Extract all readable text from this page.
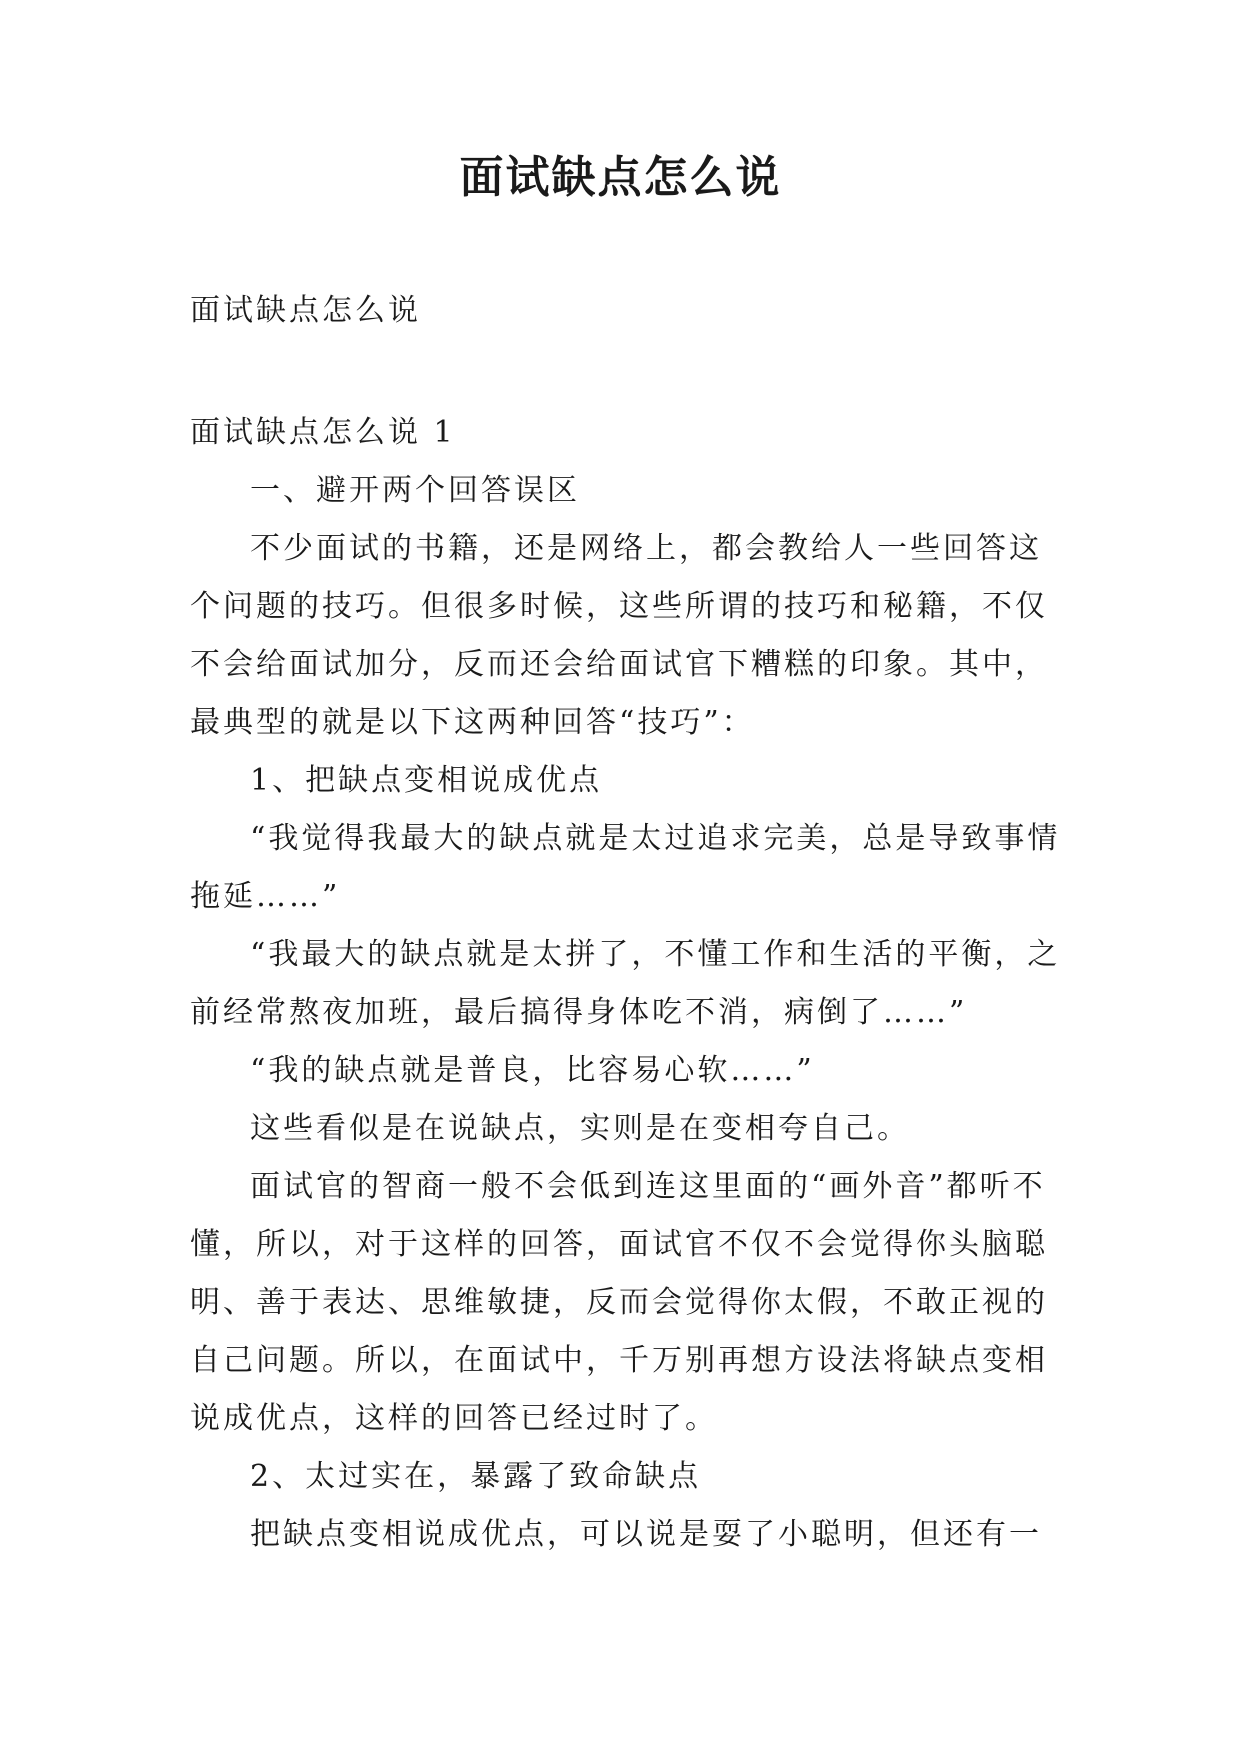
面试缺点怎么说
面试缺点怎么说
面试缺点怎么说 1

一、避开两个回答误区

不少面试的书籍，还是网络上，都会教给人一些回答这个问题的技巧。但很多时候，这些所谓的技巧和秘籍，不仅不会给面试加分，反而还会给面试官下糟糕的印象。其中，最典型的就是以下这两种回答“技巧”：

1、把缺点变相说成优点

“我觉得我最大的缺点就是太过追求完美，总是导致事情拖延……”

“我最大的缺点就是太拼了，不懂工作和生活的平衡，之前经常熬夜加班，最后搞得身体吃不消，病倒了……”

“我的缺点就是普良，比容易心软……”

这些看似是在说缺点，实则是在变相夸自己。

面试官的智商一般不会低到连这里面的“画外音”都听不懂，所以，对于这样的回答，面试官不仅不会觉得你头脑聪明、善于表达、思维敏捷，反而会觉得你太假，不敢正视的自己问题。所以，在面试中，千万别再想方设法将缺点变相说成优点，这样的回答已经过时了。

2、太过实在，暴露了致命缺点

把缺点变相说成优点，可以说是耍了小聪明，但还有一
